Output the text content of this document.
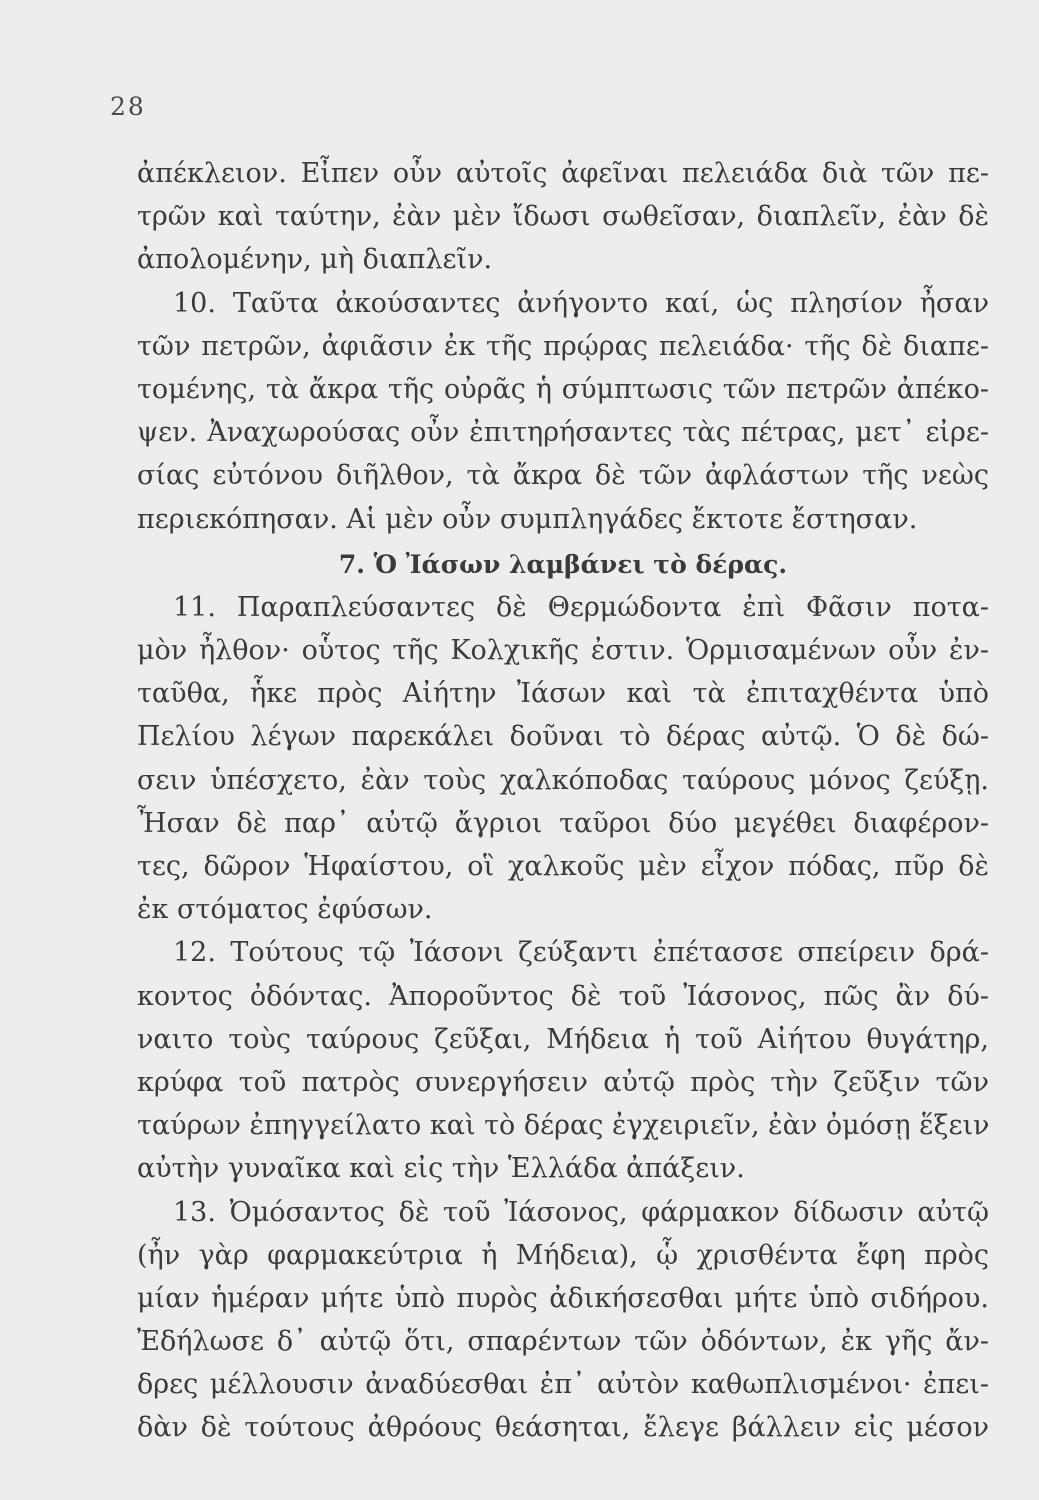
28
ἀπέκλειον. Εἶπεν οὖν αὐτοῖς ἀφεῖναι πελειάδα διὰ τῶν πε-
τρῶν καὶ ταύτην, ἐὰν μὲν ἴδωσι σωθεῖσαν, διαπλεῖν, ἐὰν δὲ
ἀπολομένην, μὴ διαπλεῖν.
10. Ταῦτα ἀκούσαντες ἀνήγοντο καί, ὡς πλησίον ἦσαν
τῶν πετρῶν, ἀφιᾶσιν ἐκ τῆς πρῴρας πελειάδα· τῆς δὲ διαπε-
τομένης, τὰ ἄκρα τῆς οὐρᾶς ἡ σύμπτωσις τῶν πετρῶν ἀπέκο-
ψεν. Ἀναχωρούσας οὖν ἐπιτηρήσαντες τὰς πέτρας, μετ᾽ εἰρε-
σίας εὐτόνου διῆλθον, τὰ ἄκρα δὲ τῶν ἀφλάστων τῆς νεὼς
περιεκόπησαν. Αἱ μὲν οὖν συμπληγάδες ἔκτοτε ἔστησαν.
7. Ὁ Ἰάσων λαμβάνει τὸ δέρας.
11. Παραπλεύσαντες δὲ Θερμώδοντα ἐπὶ Φᾶσιν ποτα-
μὸν ἦλθον· οὗτος τῆς Κολχικῆς ἐστιν. Ὁρμισαμένων οὖν ἐν-
ταῦθα, ἧκε πρὸς Αἰήτην Ἰάσων καὶ τὰ ἐπιταχθέντα ὑπὸ
Πελίου λέγων παρεκάλει δοῦναι τὸ δέρας αὐτῷ. Ὁ δὲ δώ-
σειν ὑπέσχετο, ἐὰν τοὺς χαλκόποδας ταύρους μόνος ζεύξῃ.
Ἦσαν δὲ παρ᾽ αὐτῷ ἄγριοι ταῦροι δύο μεγέθει διαφέρον-
τες, δῶρον Ἡφαίστου, οἳ χαλκοῦς μὲν εἶχον πόδας, πῦρ δὲ
ἐκ στόματος ἐφύσων.
12. Τούτους τῷ Ἰάσονι ζεύξαντι ἐπέτασσε σπείρειν δρά-
κοντος ὀδόντας. Ἀποροῦντος δὲ τοῦ Ἰάσονος, πῶς ἂν δύ-
ναιτο τοὺς ταύρους ζεῦξαι, Μήδεια ἡ τοῦ Αἰήτου θυγάτηρ,
κρύφα τοῦ πατρὸς συνεργήσειν αὐτῷ πρὸς τὴν ζεῦξιν τῶν
ταύρων ἐπηγγείλατο καὶ τὸ δέρας ἐγχειριεῖν, ἐὰν ὀμόσῃ ἕξειν
αὐτὴν γυναῖκα καὶ εἰς τὴν Ἑλλάδα ἀπάξειν.
13. Ὀμόσαντος δὲ τοῦ Ἰάσονος, φάρμακον δίδωσιν αὐτῷ
(ἦν γὰρ φαρμακεύτρια ἡ Μήδεια), ᾧ χρισθέντα ἔφη πρὸς
μίαν ἡμέραν μήτε ὑπὸ πυρὸς ἀδικήσεσθαι μήτε ὑπὸ σιδήρου.
Ἐδήλωσε δ᾽ αὐτῷ ὅτι, σπαρέντων τῶν ὀδόντων, ἐκ γῆς ἄν-
δρες μέλλουσιν ἀναδύεσθαι ἐπ᾽ αὐτὸν καθωπλισμένοι· ἐπει-
δὰν δὲ τούτους ἀθρόους θεάσηται, ἔλεγε βάλλειν εἰς μέσον
